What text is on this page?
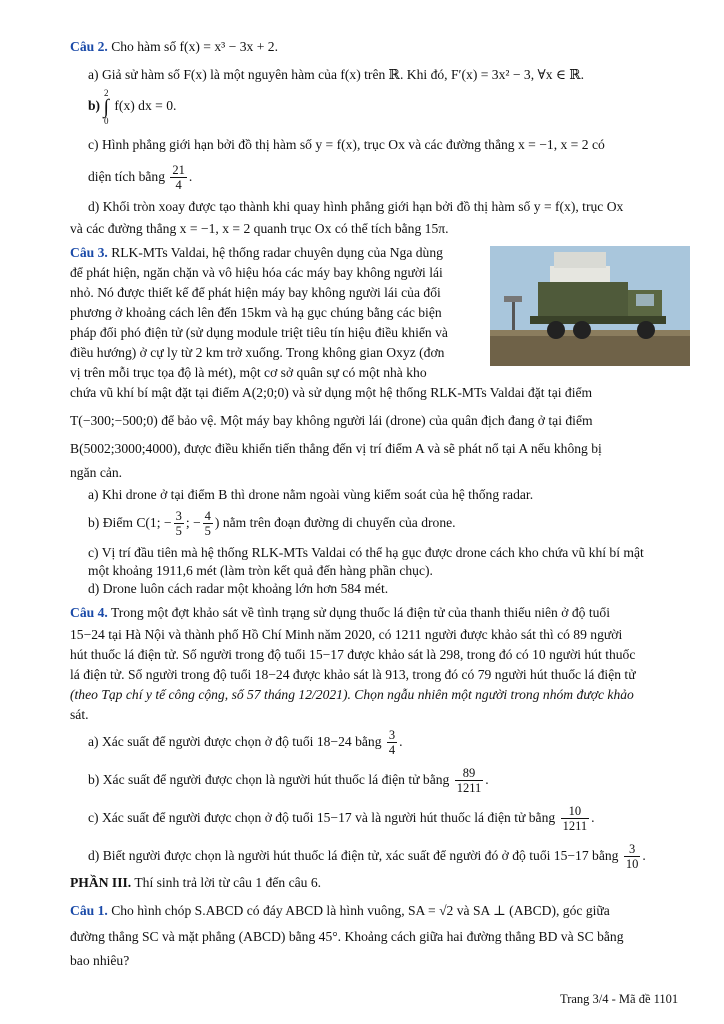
Câu 2. Cho hàm số f(x) = x³ − 3x + 2.
a) Giả sử hàm số F(x) là một nguyên hàm của f(x) trên ℝ. Khi đó, F′(x) = 3x² − 3, ∀x ∈ ℝ.
b) 2
∫
0 f(x) dx = 0.
c) Hình phẳng giới hạn bởi đồ thị hàm số y = f(x), trục Ox và các đường thẳng x = −1, x = 2 có
diện tích bằng $\frac{21}{4}$ .
d) Khối tròn xoay được tạo thành khi quay hình phẳng giới hạn bởi đồ thị hàm số y = f(x), trục Ox
và các đường thẳng x = −1, x = 2 quanh trục Ox có thể tích bằng 15π.
Câu 3. RLK-MTs Valdai, hệ thống radar chuyên dụng của Nga dùng
để phát hiện, ngăn chặn và vô hiệu hóa các máy bay không người lái
nhỏ. Nó được thiết kế để phát hiện máy bay không người lái của đối
phương ở khoảng cách lên đến 15km và hạ gục chúng bằng các biện
pháp đối phó điện tử (sử dụng module triệt tiêu tín hiệu điều khiển và
điều hướng) ở cự ly từ 2 km trở xuống. Trong không gian Oxyz (đơn
vị trên mỗi trục tọa độ là mét), một cơ sở quân sự có một nhà kho
chứa vũ khí bí mật đặt tại điểm A(2;0;0) và sử dụng một hệ thống RLK-MTs Valdai đặt tại điểm
T(−300;−500;0) để bảo vệ. Một máy bay không người lái (drone) của quân địch đang ở tại điểm
B(5002;3000;4000), được điều khiển tiến thẳng đến vị trí điểm A và sẽ phát nổ tại A nếu không bị
ngăn cản.
a) Khi drone ở tại điểm B thì drone nằm ngoài vùng kiểm soát của hệ thống radar.
b) Điểm C(1; − $\frac{3}{5}$ ; − $\frac{4}{5}$ ) nằm trên đoạn đường di chuyển của drone.
c) Vị trí đầu tiên mà hệ thống RLK-MTs Valdai có thể hạ gục được drone cách kho chứa vũ khí bí mật
một khoảng 1911,6 mét (làm tròn kết quả đến hàng phần chục).
d) Drone luôn cách radar một khoảng lớn hơn 584 mét.
Câu 4. Trong một đợt khảo sát về tình trạng sử dụng thuốc lá điện tử của thanh thiếu niên ở độ tuổi
15−24 tại Hà Nội và thành phố Hồ Chí Minh năm 2020, có 1211 người được khảo sát thì có 89 người
hút thuốc lá điện tử. Số người trong độ tuổi 15−17 được khảo sát là 298, trong đó có 10 người hút thuốc
lá điện tử. Số người trong độ tuổi 18−24 được khảo sát là 913, trong đó có 79 người hút thuốc lá điện tử
(theo Tạp chí y tế công cộng, số 57 tháng 12/2021). Chọn ngẫu nhiên một người trong nhóm được khảo
sát.
a) Xác suất để người được chọn ở độ tuổi 18−24 bằng $\frac{3}{4}$ .
b) Xác suất để người được chọn là người hút thuốc lá điện tử bằng $\frac{89}{1211}$ .
c) Xác suất để người được chọn ở độ tuổi 15−17 và là người hút thuốc lá điện tử bằng $\frac{10}{1211}$ .
d) Biết người được chọn là người hút thuốc lá điện tử, xác suất để người đó ở độ tuổi 15−17 bằng $\frac{3}{10}$ .
PHẦN III. Thí sinh trả lời từ câu 1 đến câu 6.
Câu 1. Cho hình chóp S.ABCD có đáy ABCD là hình vuông, SA = √2 và SA ⊥ (ABCD), góc giữa
đường thẳng SC và mặt phẳng (ABCD) bằng 45°. Khoảng cách giữa hai đường thẳng BD và SC bằng
bao nhiêu?
Trang 3/4 - Mã đề 1101
